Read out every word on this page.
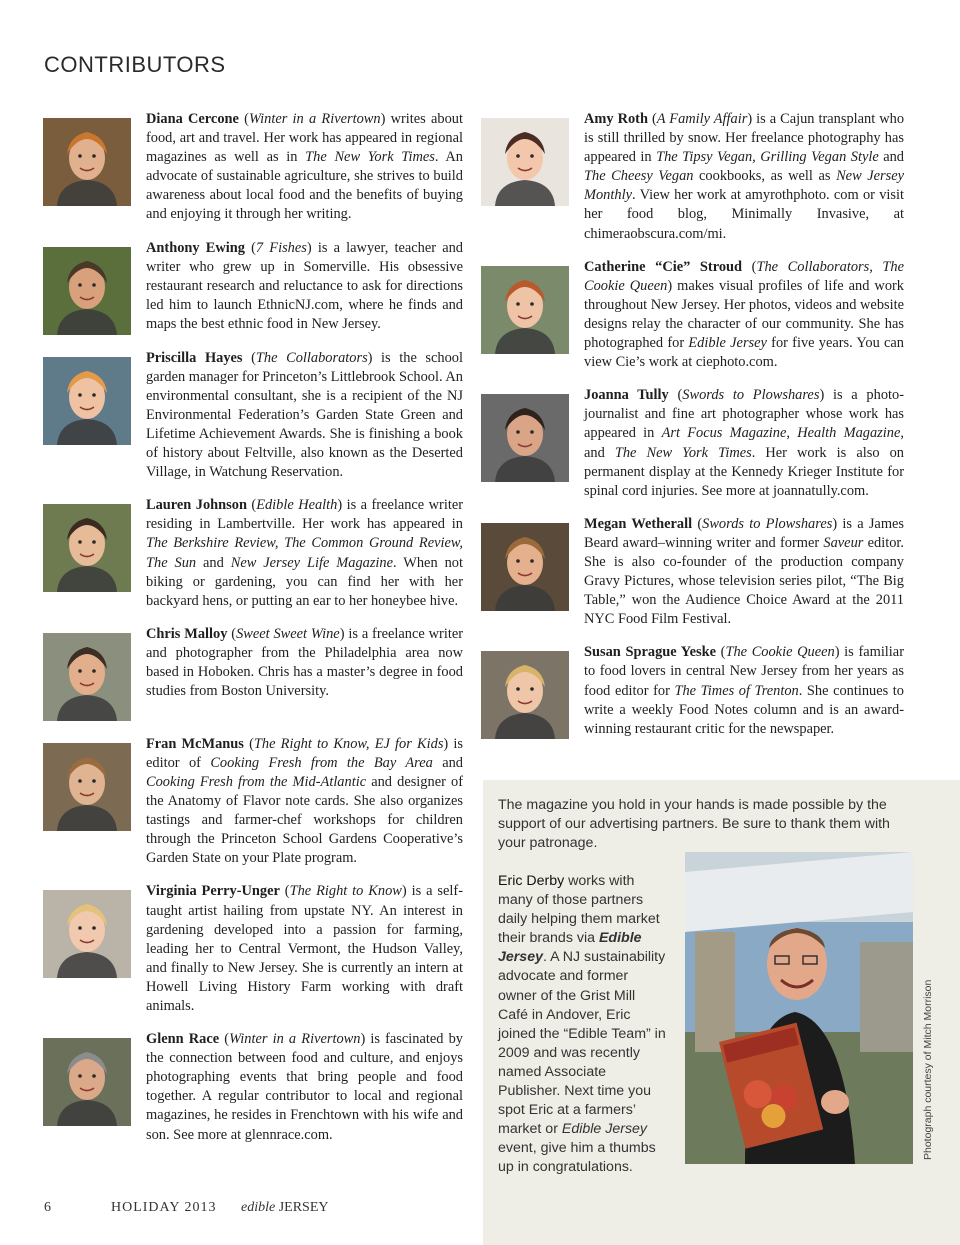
CONTRIBUTORS

Diana Cercone (Winter in a Rivertown) writes about food, art and travel. Her work has appeared in regional magazines as well as in The New York Times. An advocate of sustainable agriculture, she strives to build awareness about local food and the benefits of buying and enjoying it through her writing.

Anthony Ewing (7 Fishes) is a lawyer, teacher and writer who grew up in Somerville. His obsessive restaurant research and reluctance to ask for directions led him to launch EthnicNJ.com, where he finds and maps the best ethnic food in New Jersey.

Priscilla Hayes (The Collaborators) is the school garden manager for Princeton’s Littlebrook School. An environmental consultant, she is a recipient of the NJ Environmental Federation’s Garden State Green and Lifetime Achievement Awards. She is finishing a book of history about Feltville, also known as the Deserted Village, in Watchung Reservation.

Lauren Johnson (Edible Health) is a freelance writer residing in Lambertville. Her work has appeared in The Berkshire Review, The Common Ground Review, The Sun and New Jersey Life Magazine. When not biking or gardening, you can find her with her backyard hens, or putting an ear to her honeybee hive.

Chris Malloy (Sweet Sweet Wine) is a freelance writer and photographer from the Philadelphia area now based in Hoboken. Chris has a master’s degree in food studies from Boston University.

Fran McManus (The Right to Know, EJ for Kids) is editor of Cooking Fresh from the Bay Area and Cooking Fresh from the Mid-Atlantic and designer of the Anatomy of Flavor note cards. She also organizes tastings and farmer-chef workshops for children through the Princeton School Gardens Cooperative’s Garden State on your Plate program.

Virginia Perry-Unger (The Right to Know) is a self-taught artist hailing from upstate NY. An interest in gardening developed into a passion for farming, leading her to Central Vermont, the Hudson Valley, and finally to New Jersey. She is currently an intern at Howell Living History Farm working with draft animals.

Glenn Race (Winter in a Rivertown) is fascinated by the connection between food and culture, and enjoys photographing events that bring people and food together. A regular contributor to local and regional magazines, he resides in Frenchtown with his wife and son. See more at glennrace.com.

Amy Roth (A Family Affair) is a Cajun transplant who is still thrilled by snow. Her freelance photography has appeared in The Tipsy Vegan, Grilling Vegan Style and The Cheesy Vegan cookbooks, as well as New Jersey Monthly. View her work at amyrothphoto. com or visit her food blog, Minimally Invasive, at chimeraobscura.com/mi.

Catherine “Cie” Stroud (The Collaborators, The Cookie Queen) makes visual profiles of life and work throughout New Jersey. Her photos, videos and website designs relay the character of our community. She has photographed for Edible Jersey for five years. You can view Cie’s work at ciephoto.com.

Joanna Tully (Swords to Plowshares) is a photo-journalist and fine art photographer whose work has appeared in Art Focus Magazine, Health Magazine, and The New York Times. Her work is also on permanent display at the Kennedy Krieger Institute for spinal cord injuries. See more at joannatully.com.

Megan Wetherall (Swords to Plowshares) is a James Beard award–winning writer and former Saveur editor. She is also co-founder of the production company Gravy Pictures, whose television series pilot, “The Big Table,” won the Audience Choice Award at the 2011 NYC Food Film Festival.

Susan Sprague Yeske (The Cookie Queen) is familiar to food lovers in central New Jersey from her years as food editor for The Times of Trenton. She continues to write a weekly Food Notes column and is an award-winning restaurant critic for the newspaper.

The magazine you hold in your hands is made possible by the support of our advertising partners. Be sure to thank them with your patronage.
Eric Derby works with many of those partners daily helping them market their brands via Edible Jersey. A NJ sustainability advocate and former owner of the Grist Mill Café in Andover, Eric joined the “Edible Team” in 2009 and was recently named Associate Publisher. Next time you spot Eric at a farmers’ market or Edible Jersey event, give him a thumbs up in congratulations.
Photograph courtesy of Mitch Morrison
6	HOLIDAY 2013 edible JERSEY
